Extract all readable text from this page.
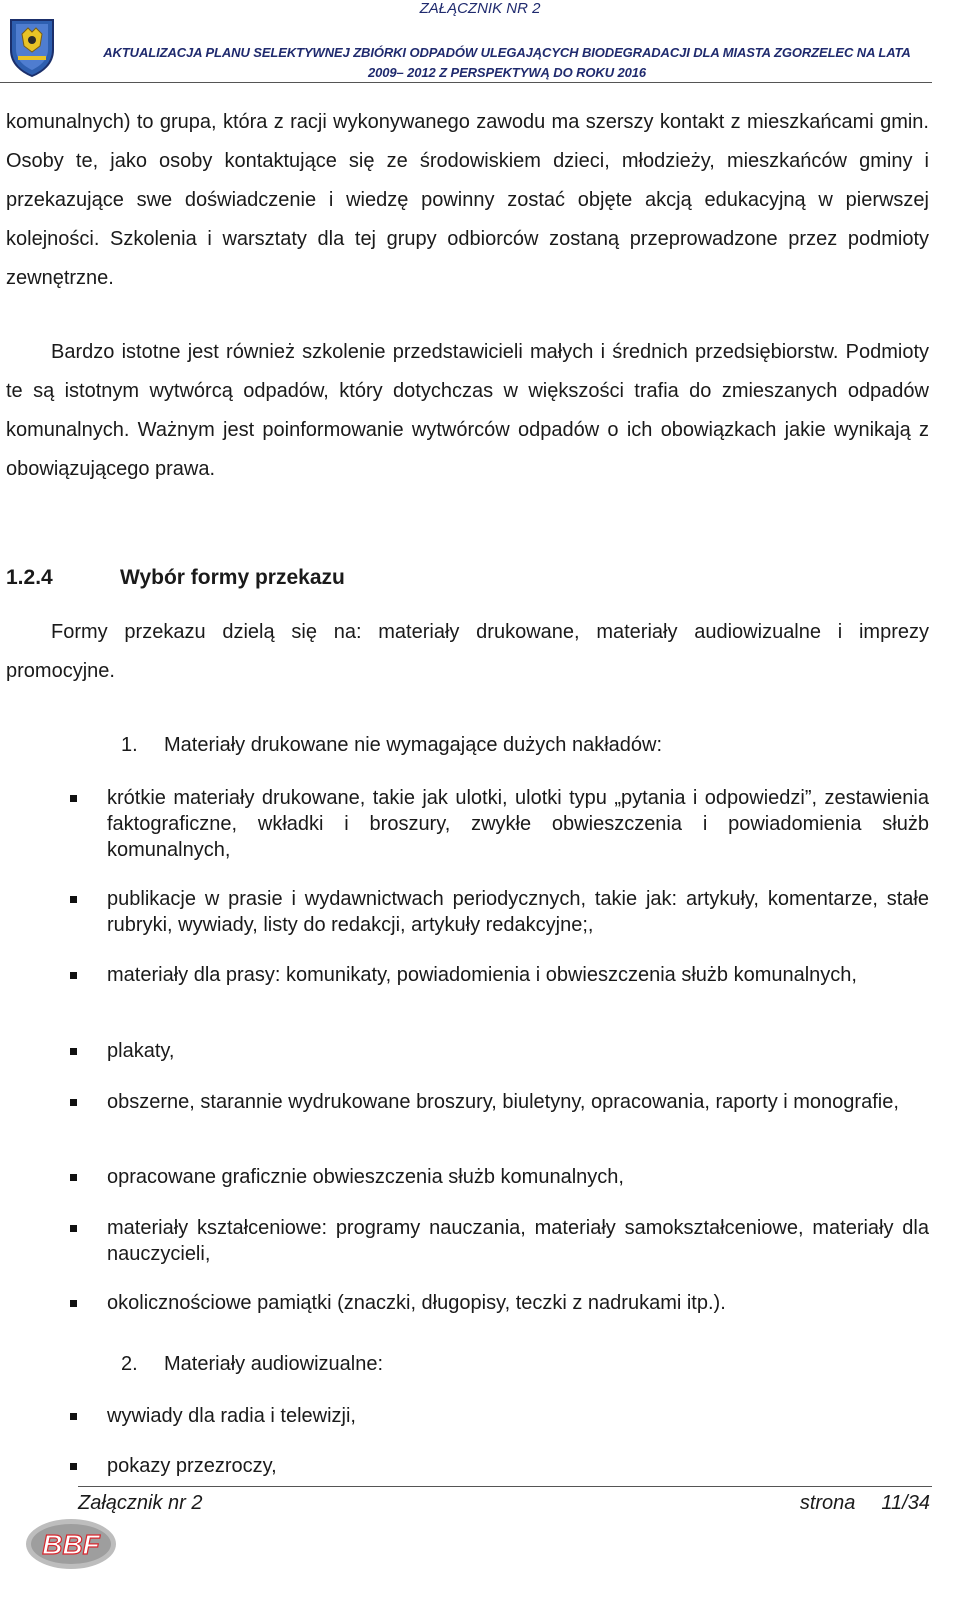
ZAŁĄCZNIK NR 2
AKTUALIZACJA PLANU SELEKTYWNEJ ZBIÓRKI ODPADÓW ULEGAJĄCYCH BIODEGRADACJI DLA MIASTA ZGORZELEC NA LATA
2009– 2012 Z PERSPEKTYWĄ DO ROKU 2016

komunalnych) to grupa, która z racji wykonywanego zawodu ma szerszy kontakt z mieszkańcami gmin. Osoby te, jako osoby kontaktujące się ze środowiskiem dzieci, młodzieży, mieszkańców gminy i przekazujące swe doświadczenie i wiedzę powinny zostać objęte akcją edukacyjną w pierwszej kolejności. Szkolenia i warsztaty dla tej grupy odbiorców zostaną przeprowadzone przez podmioty zewnętrzne.

Bardzo istotne jest również szkolenie przedstawicieli małych i średnich przedsiębiorstw. Podmioty te są istotnym wytwórcą odpadów, który dotychczas w większości trafia do zmieszanych odpadów komunalnych. Ważnym jest poinformowanie wytwórców odpadów o ich obowiązkach jakie wynikają z obowiązującego prawa.

1.2.4	Wybór formy przekazu

Formy przekazu dzielą się na: materiały drukowane, materiały audiowizualne i imprezy promocyjne.

1. Materiały drukowane nie wymagające dużych nakładów:

krótkie materiały drukowane, takie jak ulotki, ulotki typu „pytania i odpowiedzi”, zestawienia faktograficzne, wkładki i broszury, zwykłe obwieszczenia i powiadomienia służb komunalnych,

publikacje w prasie i wydawnictwach periodycznych, takie jak: artykuły, komentarze, stałe rubryki, wywiady, listy do redakcji, artykuły redakcyjne;,

materiały dla prasy: komunikaty, powiadomienia i obwieszczenia służb komunalnych,

plakaty,

obszerne, starannie wydrukowane broszury, biuletyny, opracowania, raporty i monografie,

opracowane graficznie obwieszczenia służb komunalnych,

materiały kształceniowe: programy nauczania, materiały samokształceniowe, materiały dla nauczycieli,

okolicznościowe pamiątki (znaczki, długopisy, teczki z nadrukami itp.).

2. Materiały audiowizualne:

wywiady dla radia i telewizji,

pokazy przezroczy,

Załącznik nr 2	strona 11/34
BBF
